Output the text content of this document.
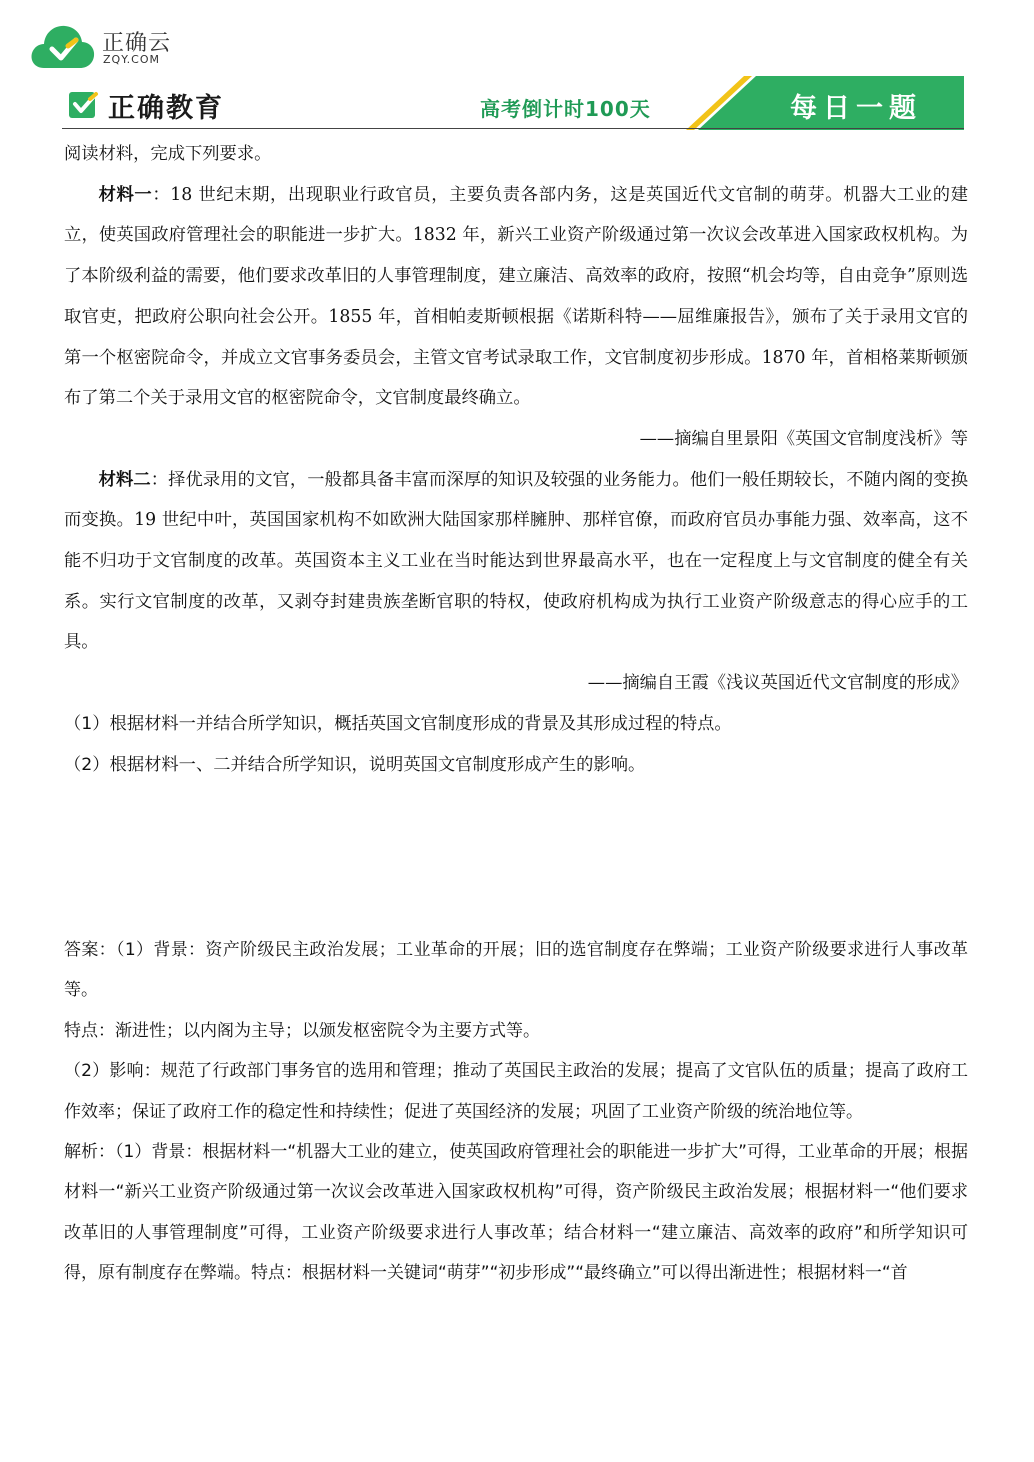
正确云
ZQY.COM
正确教育	高考倒计时100天	每日一题

阅读材料，完成下列要求。

材料一：18 世纪末期，出现职业行政官员，主要负责各部内务，这是英国近代文官制的萌芽。机器大工业的建立，使英国政府管理社会的职能进一步扩大。1832 年，新兴工业资产阶级通过第一次议会改革进入国家政权机构。为了本阶级利益的需要，他们要求改革旧的人事管理制度，建立廉洁、高效率的政府，按照“机会均等，自由竞争”原则选取官吏，把政府公职向社会公开。1855 年，首相帕麦斯顿根据《诺斯科特——屈维廉报告》，颁布了关于录用文官的第一个枢密院命令，并成立文官事务委员会，主管文官考试录取工作，文官制度初步形成。1870 年，首相格莱斯顿颁布了第二个关于录用文官的枢密院命令，文官制度最终确立。

——摘编自里景阳《英国文官制度浅析》等

材料二：择优录用的文官，一般都具备丰富而深厚的知识及较强的业务能力。他们一般任期较长，不随内阁的变换而变换。19 世纪中叶，英国国家机构不如欧洲大陆国家那样臃肿、那样官僚，而政府官员办事能力强、效率高，这不能不归功于文官制度的改革。英国资本主义工业在当时能达到世界最高水平，也在一定程度上与文官制度的健全有关系。实行文官制度的改革，又剥夺封建贵族垄断官职的特权，使政府机构成为执行工业资产阶级意志的得心应手的工具。

——摘编自王霞《浅议英国近代文官制度的形成》

（1）根据材料一并结合所学知识，概括英国文官制度形成的背景及其形成过程的特点。

（2）根据材料一、二并结合所学知识，说明英国文官制度形成产生的影响。

答案：（1）背景：资产阶级民主政治发展；工业革命的开展；旧的选官制度存在弊端；工业资产阶级要求进行人事改革等。

特点：渐进性；以内阁为主导；以颁发枢密院令为主要方式等。

（2）影响：规范了行政部门事务官的选用和管理；推动了英国民主政治的发展；提高了文官队伍的质量；提高了政府工作效率；保证了政府工作的稳定性和持续性；促进了英国经济的发展；巩固了工业资产阶级的统治地位等。

解析：（1）背景：根据材料一“机器大工业的建立，使英国政府管理社会的职能进一步扩大”可得，工业革命的开展；根据材料一“新兴工业资产阶级通过第一次议会改革进入国家政权机构”可得，资产阶级民主政治发展；根据材料一“他们要求改革旧的人事管理制度”可得，工业资产阶级要求进行人事改革；结合材料一“建立廉洁、高效率的政府”和所学知识可得，原有制度存在弊端。特点：根据材料一关键词“萌芽”“初步形成”“最终确立”可以得出渐进性；根据材料一“首
